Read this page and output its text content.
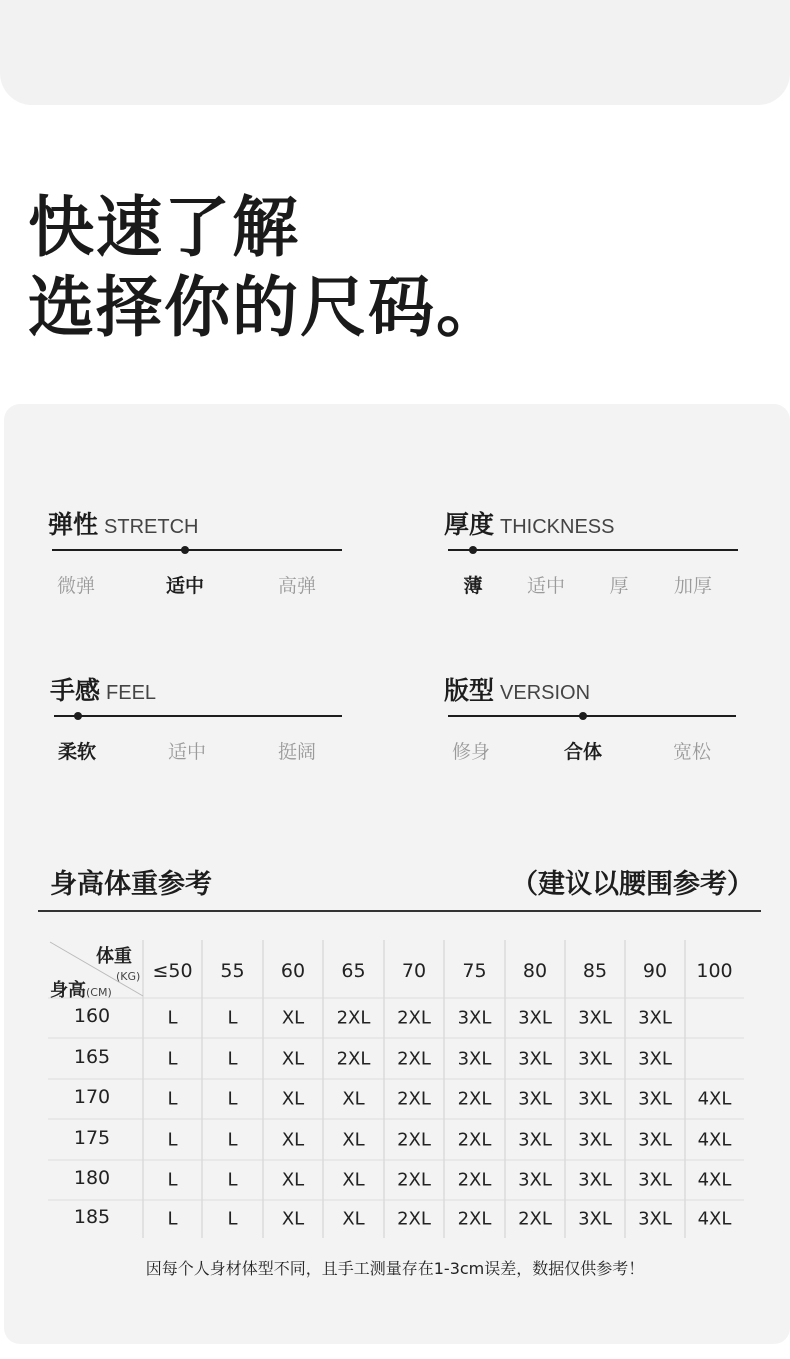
快速了解
选择你的尺码。
弹性 STRETCH
微弹	适中	高弹
厚度 THICKNESS
薄 适中 厚 加厚
手感 FEEL
柔软	适中	挺阔
版型 VERSION
修身	合体	宽松
身高体重参考	（建议以腰围参考）
体重
(KG)
身高(CM)
≤50 55 60 65 70 75 80 85 90 100
160	L	L XL 2XL 2XL 3XL 3XL 3XL 3XL
165	L	L XL 2XL 2XL 3XL 3XL 3XL 3XL
170	L	L XL XL 2XL 2XL 3XL 3XL 3XL 4XL
175	L	L XL XL 2XL 2XL 3XL 3XL 3XL 4XL
180	L	L XL XL 2XL 2XL 3XL 3XL 3XL 4XL
185	L	L XL XL 2XL 2XL 2XL 3XL 3XL 4XL
因每个人身材体型不同，且手工测量存在1-3cm误差，数据仅供参考！
